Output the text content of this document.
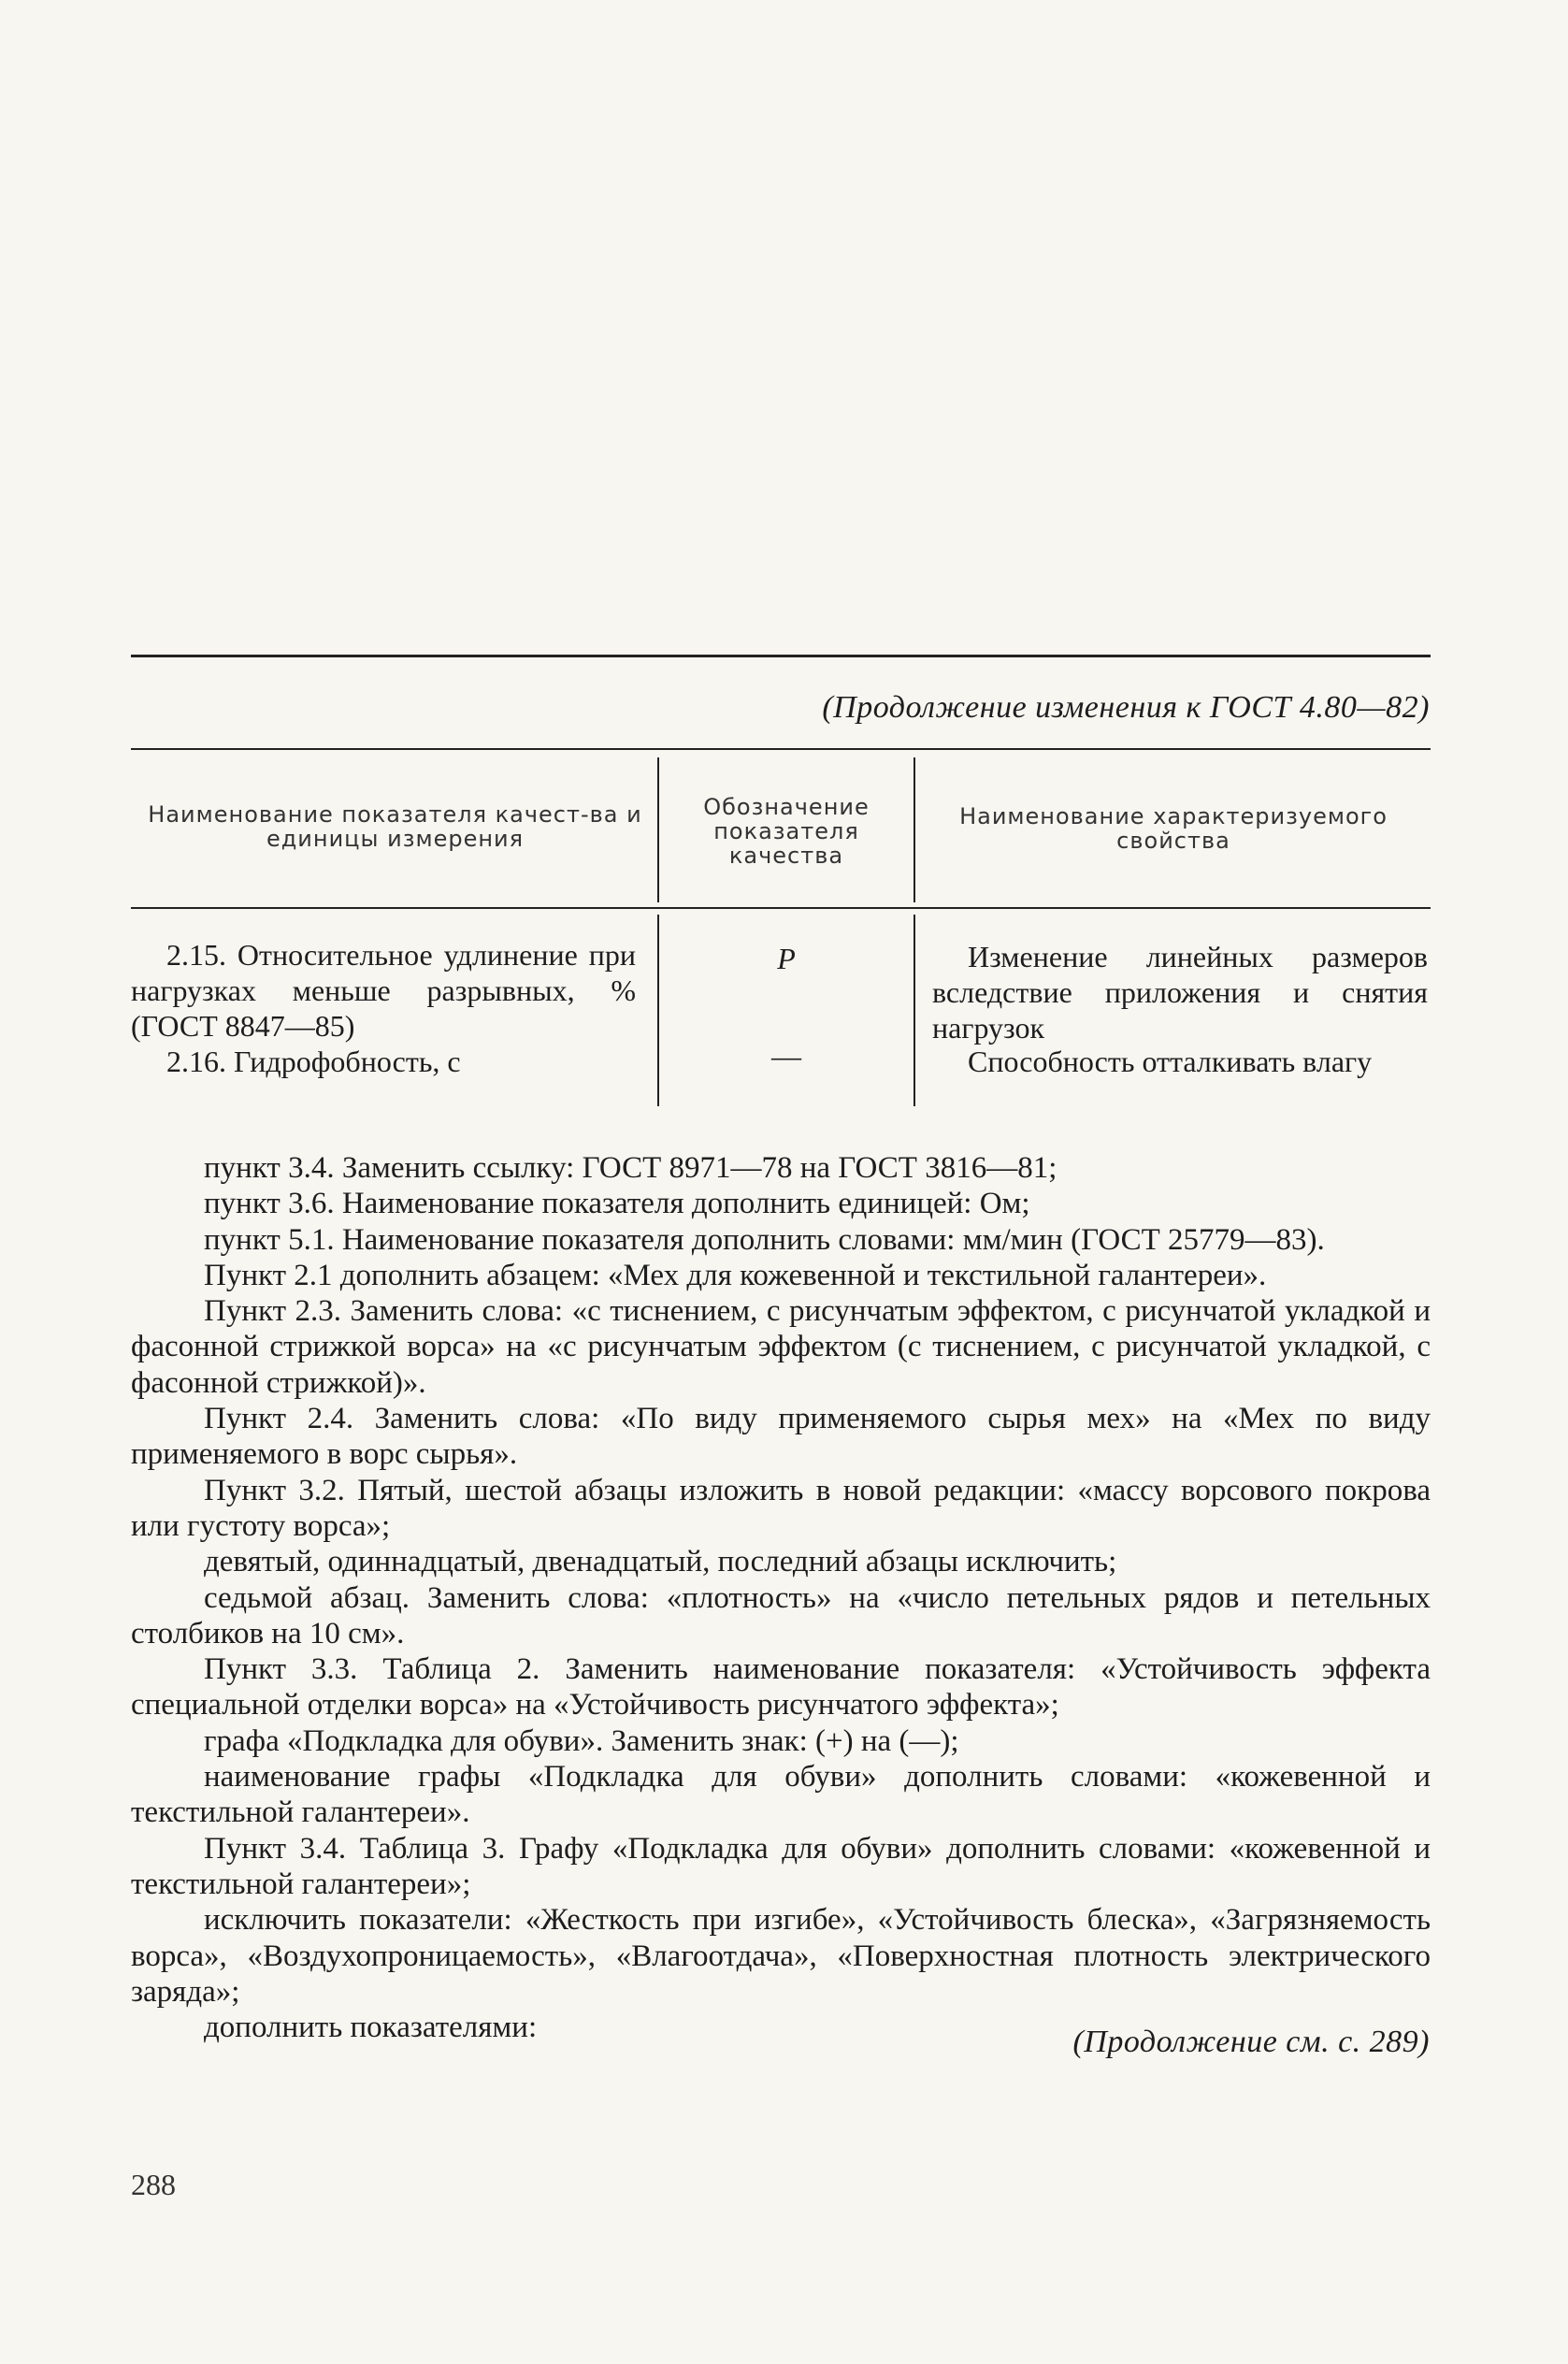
(Продолжение изменения к ГОСТ 4.80—82)
Наименование показателя качест-ва и единицы измерения
Обозначение показателя качества
Наименование характеризуемого свойства

2.15. Относительное удлинение при нагрузках меньше разрывных, % (ГОСТ 8847—85)

2.16. Гидрофобность, с

P
—

Изменение линейных размеров вследствие приложения и снятия нагрузок

Способность отталкивать влагу

пункт 3.4. Заменить ссылку: ГОСТ 8971—78 на ГОСТ 3816—81;

пункт 3.6. Наименование показателя дополнить единицей: Ом;

пункт 5.1. Наименование показателя дополнить словами: мм/мин (ГОСТ 25779—83).

Пункт 2.1 дополнить абзацем: «Мех для кожевенной и текстильной галантереи».

Пункт 2.3. Заменить слова: «с тиснением, с рисунчатым эффектом, с рисунчатой укладкой и фасонной стрижкой ворса» на «с рисунчатым эффектом (с тиснением, с рисунчатой укладкой, с фасонной стрижкой)».

Пункт 2.4. Заменить слова: «По виду применяемого сырья мех» на «Мех по виду применяемого в ворс сырья».

Пункт 3.2. Пятый, шестой абзацы изложить в новой редакции: «массу ворсового покрова или густоту ворса»;

девятый, одиннадцатый, двенадцатый, последний абзацы исключить;

седьмой абзац. Заменить слова: «плотность» на «число петельных рядов и петельных столбиков на 10 см».

Пункт 3.3. Таблица 2. Заменить наименование показателя: «Устойчивость эффекта специальной отделки ворса» на «Устойчивость рисунчатого эффекта»;

графа «Подкладка для обуви». Заменить знак: (+) на (—);

наименование графы «Подкладка для обуви» дополнить словами: «кожевенной и текстильной галантереи».

Пункт 3.4. Таблица 3. Графу «Подкладка для обуви» дополнить словами: «кожевенной и текстильной галантереи»;

исключить показатели: «Жесткость при изгибе», «Устойчивость блеска», «Загрязняемость ворса», «Воздухопроницаемость», «Влагоотдача», «Поверхностная плотность электрического заряда»;

дополнить показателями:	(Продолжение см. с. 289)
288
